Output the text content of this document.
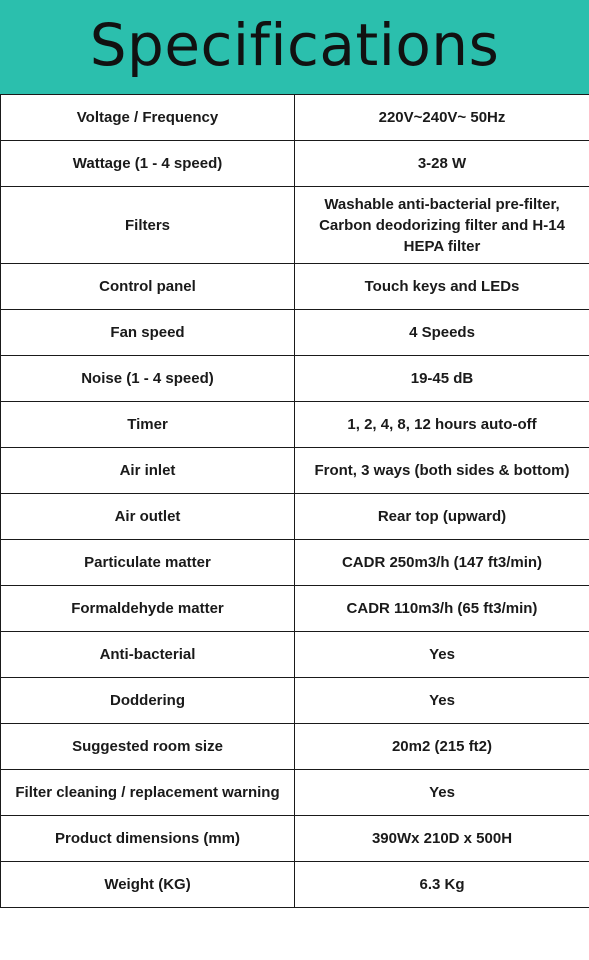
Specifications
Voltage / Frequency	220V~240V~ 50Hz
Wattage (1 - 4 speed)	3-28 W
Filters	Washable anti-bacterial pre-filter, Carbon deodorizing filter and H-14 HEPA filter
Control panel	Touch keys and LEDs
Fan speed	4 Speeds
Noise (1 - 4 speed)	19-45 dB
Timer	1, 2, 4, 8, 12 hours auto-off
Air inlet	Front, 3 ways (both sides & bottom)
Air outlet	Rear top (upward)
Particulate matter	CADR 250m3/h (147 ft3/min)
Formaldehyde matter	CADR 110m3/h (65 ft3/min)
Anti-bacterial	Yes
Doddering	Yes
Suggested room size	20m2 (215 ft2)
Filter cleaning / replacement warning	Yes
Product dimensions (mm)	390Wx 210D x 500H
Weight (KG)	6.3 Kg
